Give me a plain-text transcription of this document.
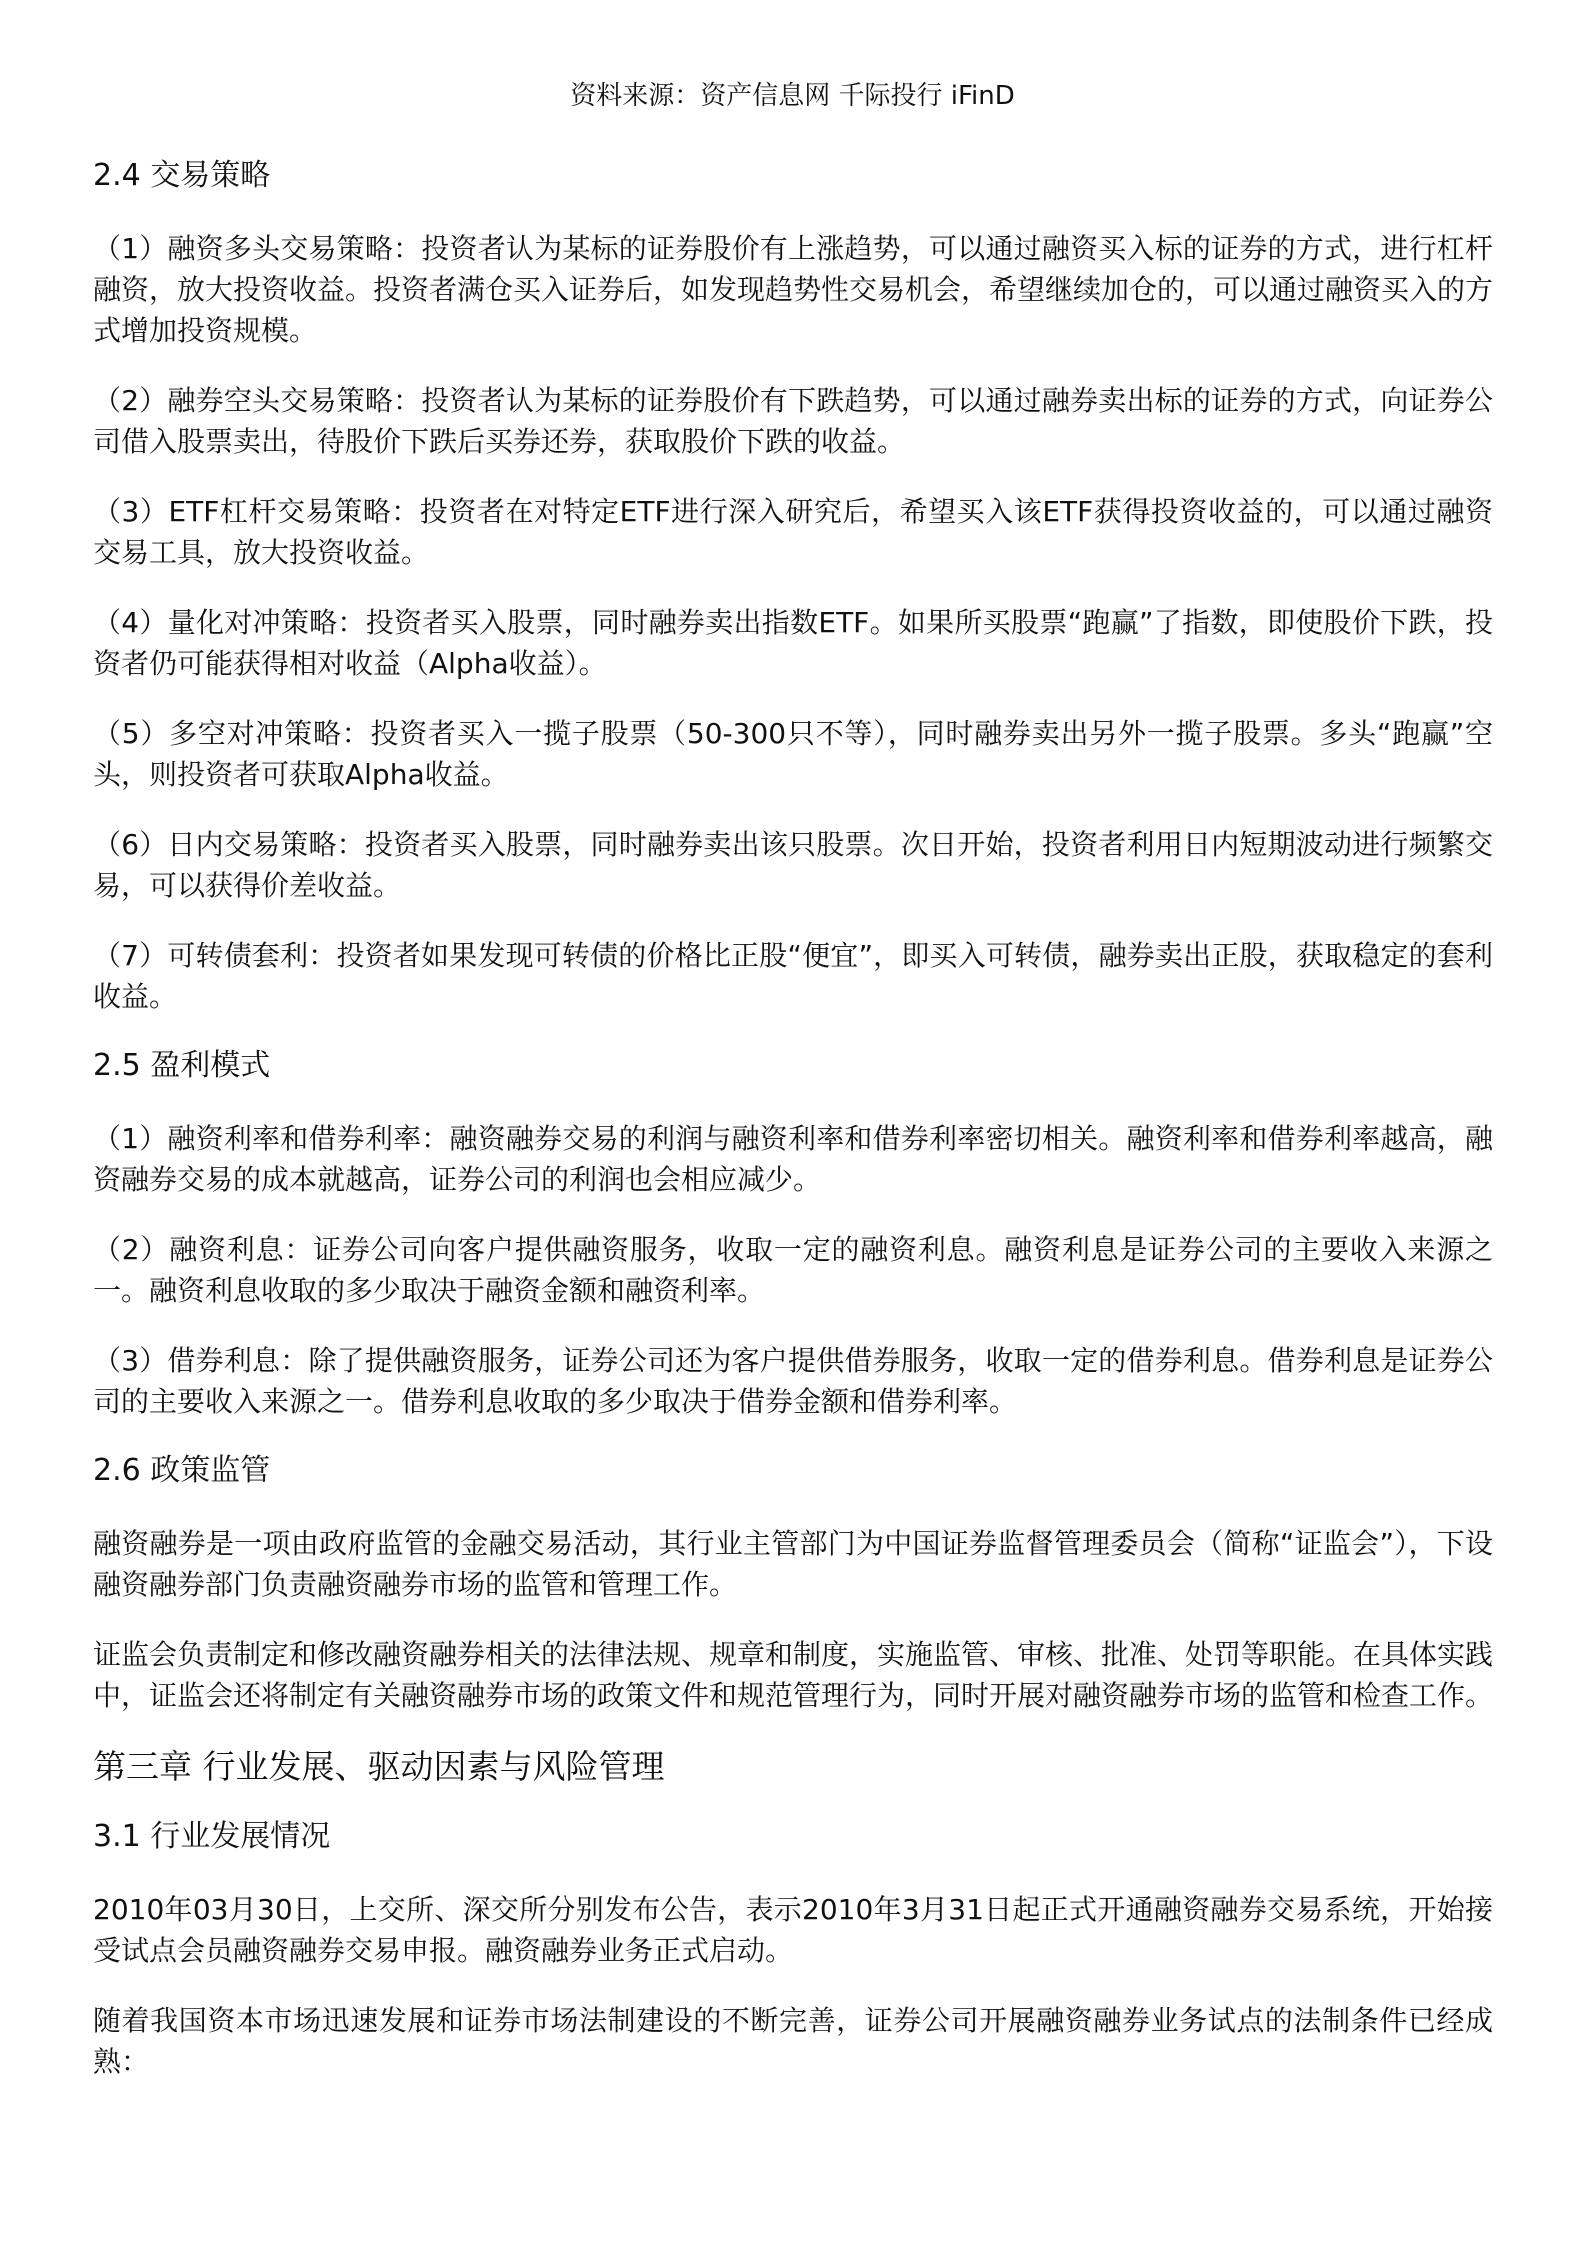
资料来源：资产信息网 千际投行 iFinD
2.4 交易策略
（1）融资多头交易策略：投资者认为某标的证券股价有上涨趋势，可以通过融资买入标的证券的方式，进行杠杆融资，放大投资收益。投资者满仓买入证券后，如发现趋势性交易机会，希望继续加仓的，可以通过融资买入的方式增加投资规模。
（2）融券空头交易策略：投资者认为某标的证券股价有下跌趋势，可以通过融券卖出标的证券的方式，向证券公司借入股票卖出，待股价下跌后买券还券，获取股价下跌的收益。
（3）ETF杠杆交易策略：投资者在对特定ETF进行深入研究后，希望买入该ETF获得投资收益的，可以通过融资交易工具，放大投资收益。
（4）量化对冲策略：投资者买入股票，同时融券卖出指数ETF。如果所买股票“跑赢”了指数，即使股价下跌，投资者仍可能获得相对收益（Alpha收益）。
（5）多空对冲策略：投资者买入一揽子股票（50-300只不等），同时融券卖出另外一揽子股票。多头“跑赢”空头，则投资者可获取Alpha收益。
（6）日内交易策略：投资者买入股票，同时融券卖出该只股票。次日开始，投资者利用日内短期波动进行频繁交易，可以获得价差收益。
（7）可转债套利：投资者如果发现可转债的价格比正股“便宜”，即买入可转债，融券卖出正股，获取稳定的套利收益。
2.5 盈利模式
（1）融资利率和借券利率：融资融券交易的利润与融资利率和借券利率密切相关。融资利率和借券利率越高，融资融券交易的成本就越高，证券公司的利润也会相应减少。
（2）融资利息：证券公司向客户提供融资服务，收取一定的融资利息。融资利息是证券公司的主要收入来源之一。融资利息收取的多少取决于融资金额和融资利率。
（3）借券利息：除了提供融资服务，证券公司还为客户提供借券服务，收取一定的借券利息。借券利息是证券公司的主要收入来源之一。借券利息收取的多少取决于借券金额和借券利率。
2.6 政策监管
融资融券是一项由政府监管的金融交易活动，其行业主管部门为中国证券监督管理委员会（简称“证监会”），下设融资融券部门负责融资融券市场的监管和管理工作。
证监会负责制定和修改融资融券相关的法律法规、规章和制度，实施监管、审核、批准、处罚等职能。在具体实践中，证监会还将制定有关融资融券市场的政策文件和规范管理行为，同时开展对融资融券市场的监管和检查工作。
第三章 行业发展、驱动因素与风险管理
3.1 行业发展情况
2010年03月30日，上交所、深交所分别发布公告，表示2010年3月31日起正式开通融资融券交易系统，开始接受试点会员融资融券交易申报。融资融券业务正式启动。
随着我国资本市场迅速发展和证券市场法制建设的不断完善，证券公司开展融资融券业务试点的法制条件已经成熟：
